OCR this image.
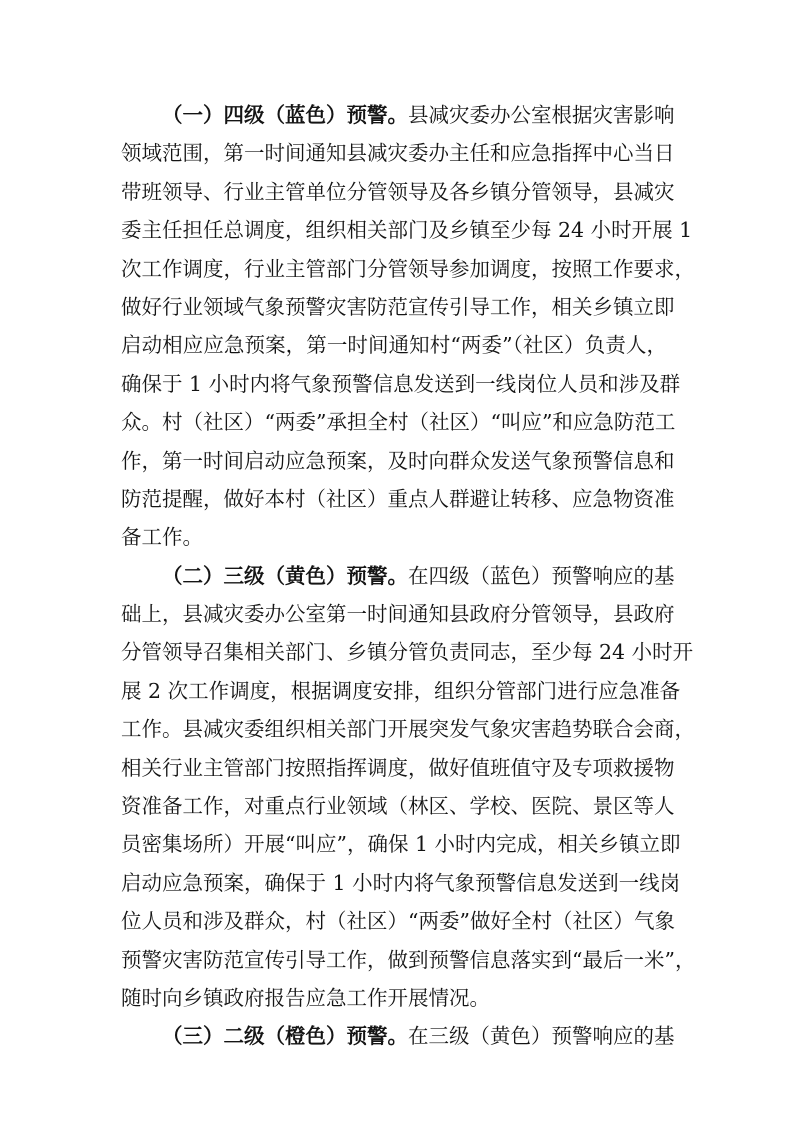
（一）四级（蓝色）预警。县减灾委办公室根据灾害影响
领域范围，第一时间通知县减灾委办主任和应急指挥中心当日
带班领导、行业主管单位分管领导及各乡镇分管领导，县减灾
委主任担任总调度，组织相关部门及乡镇至少每 24 小时开展 1
次工作调度，行业主管部门分管领导参加调度，按照工作要求，
做好行业领域气象预警灾害防范宣传引导工作，相关乡镇立即
启动相应应急预案，第一时间通知村“两委”（社区）负责人，
确保于 1 小时内将气象预警信息发送到一线岗位人员和涉及群
众。村（社区）“两委”承担全村（社区）“叫应”和应急防范工
作，第一时间启动应急预案，及时向群众发送气象预警信息和
防范提醒，做好本村（社区）重点人群避让转移、应急物资准
备工作。
（二）三级（黄色）预警。在四级（蓝色）预警响应的基
础上，县减灾委办公室第一时间通知县政府分管领导，县政府
分管领导召集相关部门、乡镇分管负责同志，至少每 24 小时开
展 2 次工作调度，根据调度安排，组织分管部门进行应急准备
工作。县减灾委组织相关部门开展突发气象灾害趋势联合会商，
相关行业主管部门按照指挥调度，做好值班值守及专项救援物
资准备工作，对重点行业领域（林区、学校、医院、景区等人
员密集场所）开展“叫应”，确保 1 小时内完成，相关乡镇立即
启动应急预案，确保于 1 小时内将气象预警信息发送到一线岗
位人员和涉及群众，村（社区）“两委”做好全村（社区）气象
预警灾害防范宣传引导工作，做到预警信息落实到“最后一米”，
随时向乡镇政府报告应急工作开展情况。
（三）二级（橙色）预警。在三级（黄色）预警响应的基
